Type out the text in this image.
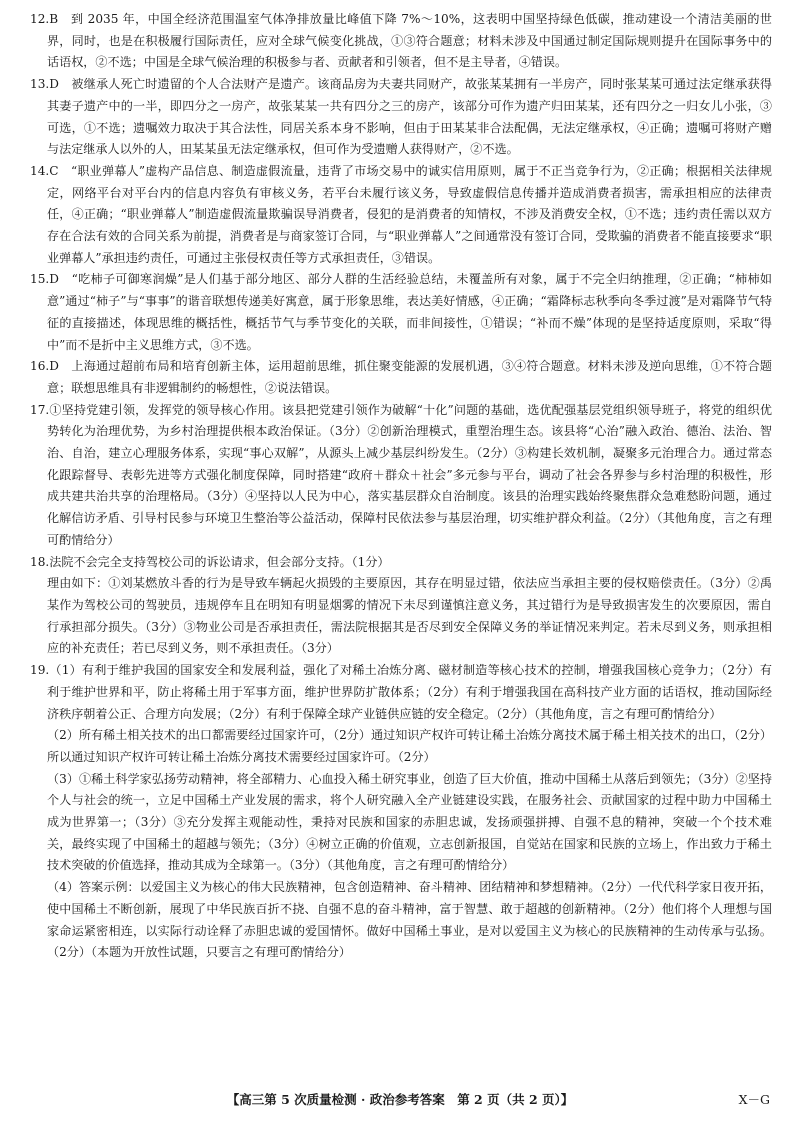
12.B　到 2035 年，中国全经济范围温室气体净排放量比峰值下降 7%～10%，这表明中国坚持绿色低碳，推动建设一个清洁美丽的世界，同时，也是在积极履行国际责任，应对全球气候变化挑战，①③符合题意；材料未涉及中国通过制定国际规则提升在国际事务中的话语权，②不选；中国是全球气候治理的积极参与者、贡献者和引领者，但不是主导者，④错误。

13.D　被继承人死亡时遗留的个人合法财产是遗产。该商品房为夫妻共同财产，故张某某拥有一半房产，同时张某某可通过法定继承获得其妻子遗产中的一半，即四分之一房产，故张某某一共有四分之三的房产，该部分可作为遗产归田某某，还有四分之一归女儿小张，③可选，①不选；遗嘱效力取决于其合法性，同居关系本身不影响，但由于田某某非合法配偶，无法定继承权，④正确；遗嘱可将财产赠与法定继承人以外的人，田某某虽无法定继承权，但可作为受遗赠人获得财产，②不选。

14.C　“职业弹幕人”虚构产品信息、制造虚假流量，违背了市场交易中的诚实信用原则，属于不正当竞争行为，②正确；根据相关法律规定，网络平台对平台内的信息内容负有审核义务，若平台未履行该义务，导致虚假信息传播并造成消费者损害，需承担相应的法律责任，④正确；“职业弹幕人”制造虚假流量欺骗误导消费者，侵犯的是消费者的知情权，不涉及消费安全权，①不选；违约责任需以双方存在合法有效的合同关系为前提，消费者是与商家签订合同，与“职业弹幕人”之间通常没有签订合同，受欺骗的消费者不能直接要求“职业弹幕人”承担违约责任，可通过主张侵权责任等方式承担责任，③错误。

15.D　“吃柿子可御寒润燥”是人们基于部分地区、部分人群的生活经验总结，未覆盖所有对象，属于不完全归纳推理，②正确；“柿柿如意”通过“柿子”与“事事”的谐音联想传递美好寓意，属于形象思维，表达美好情感，④正确；“霜降标志秋季向冬季过渡”是对霜降节气特征的直接描述，体现思维的概括性，概括节气与季节变化的关联，而非间接性，①错误；“补而不燥”体现的是坚持适度原则，采取“得中”而不是折中主义思维方式，③不选。

16.D　上海通过超前布局和培育创新主体，运用超前思维，抓住聚变能源的发展机遇，③④符合题意。材料未涉及逆向思维，①不符合题意；联想思维具有非逻辑制约的畅想性，②说法错误。

17.①坚持党建引领，发挥党的领导核心作用。该县把党建引领作为破解“十化”问题的基础，选优配强基层党组织领导班子，将党的组织优势转化为治理优势，为乡村治理提供根本政治保证。（3分）②创新治理模式，重塑治理生态。该县将“心治”融入政治、德治、法治、智治、自治，建立心理服务体系，实现“事心双解”，从源头上减少基层纠纷发生。（2分）③构建长效机制，凝聚多元治理合力。通过常态化跟踪督导、表彰先进等方式强化制度保障，同时搭建“政府＋群众＋社会”多元参与平台，调动了社会各界参与乡村治理的积极性，形成共建共治共享的治理格局。（3分）④坚持以人民为中心，落实基层群众自治制度。该县的治理实践始终聚焦群众急难愁盼问题，通过化解信访矛盾、引导村民参与环境卫生整治等公益活动，保障村民依法参与基层治理，切实维护群众利益。（2分）（其他角度，言之有理可酌情给分）

18.法院不会完全支持驾校公司的诉讼请求，但会部分支持。（1分）

理由如下：①刘某燃放斗香的行为是导致车辆起火损毁的主要原因，其存在明显过错，依法应当承担主要的侵权赔偿责任。（3分）②禹某作为驾校公司的驾驶员，违规停车且在明知有明显烟雾的情况下未尽到谨慎注意义务，其过错行为是导致损害发生的次要原因，需自行承担部分损失。（3分）③物业公司是否承担责任，需法院根据其是否尽到安全保障义务的举证情况来判定。若未尽到义务，则承担相应的补充责任；若已尽到义务，则不承担责任。（3分）

19.（1）有利于维护我国的国家安全和发展利益，强化了对稀土冶炼分离、磁材制造等核心技术的控制，增强我国核心竞争力；（2分）有利于维护世界和平，防止将稀土用于军事方面，维护世界防扩散体系；（2分）有利于增强我国在高科技产业方面的话语权，推动国际经济秩序朝着公正、合理方向发展；（2分）有利于保障全球产业链供应链的安全稳定。（2分）（其他角度，言之有理可酌情给分）

（2）所有稀土相关技术的出口都需要经过国家许可，（2分）通过知识产权许可转让稀土冶炼分离技术属于稀土相关技术的出口，（2分）所以通过知识产权许可转让稀土冶炼分离技术需要经过国家许可。（2分）

（3）①稀土科学家弘扬劳动精神，将全部精力、心血投入稀土研究事业，创造了巨大价值，推动中国稀土从落后到领先；（3分）②坚持个人与社会的统一，立足中国稀土产业发展的需求，将个人研究融入全产业链建设实践，在服务社会、贡献国家的过程中助力中国稀土成为世界第一；（3分）③充分发挥主观能动性，秉持对民族和国家的赤胆忠诚，发扬顽强拼搏、自强不息的精神，突破一个个技术难关，最终实现了中国稀土的超越与领先；（3分）④树立正确的价值观，立志创新报国，自觉站在国家和民族的立场上，作出致力于稀土技术突破的价值选择，推动其成为全球第一。（3分）（其他角度，言之有理可酌情给分）

（4）答案示例：以爱国主义为核心的伟大民族精神，包含创造精神、奋斗精神、团结精神和梦想精神。（2分）一代代科学家日夜开拓，使中国稀土不断创新，展现了中华民族百折不挠、自强不息的奋斗精神，富于智慧、敢于超越的创新精神。（2分）他们将个人理想与国家命运紧密相连，以实际行动诠释了赤胆忠诚的爱国情怀。做好中国稀土事业，是对以爱国主义为核心的民族精神的生动传承与弘扬。（2分）（本题为开放性试题，只要言之有理可酌情给分）

【高三第 5 次质量检测 · 政治参考答案　第 2 页（共 2 页）】	X－G
